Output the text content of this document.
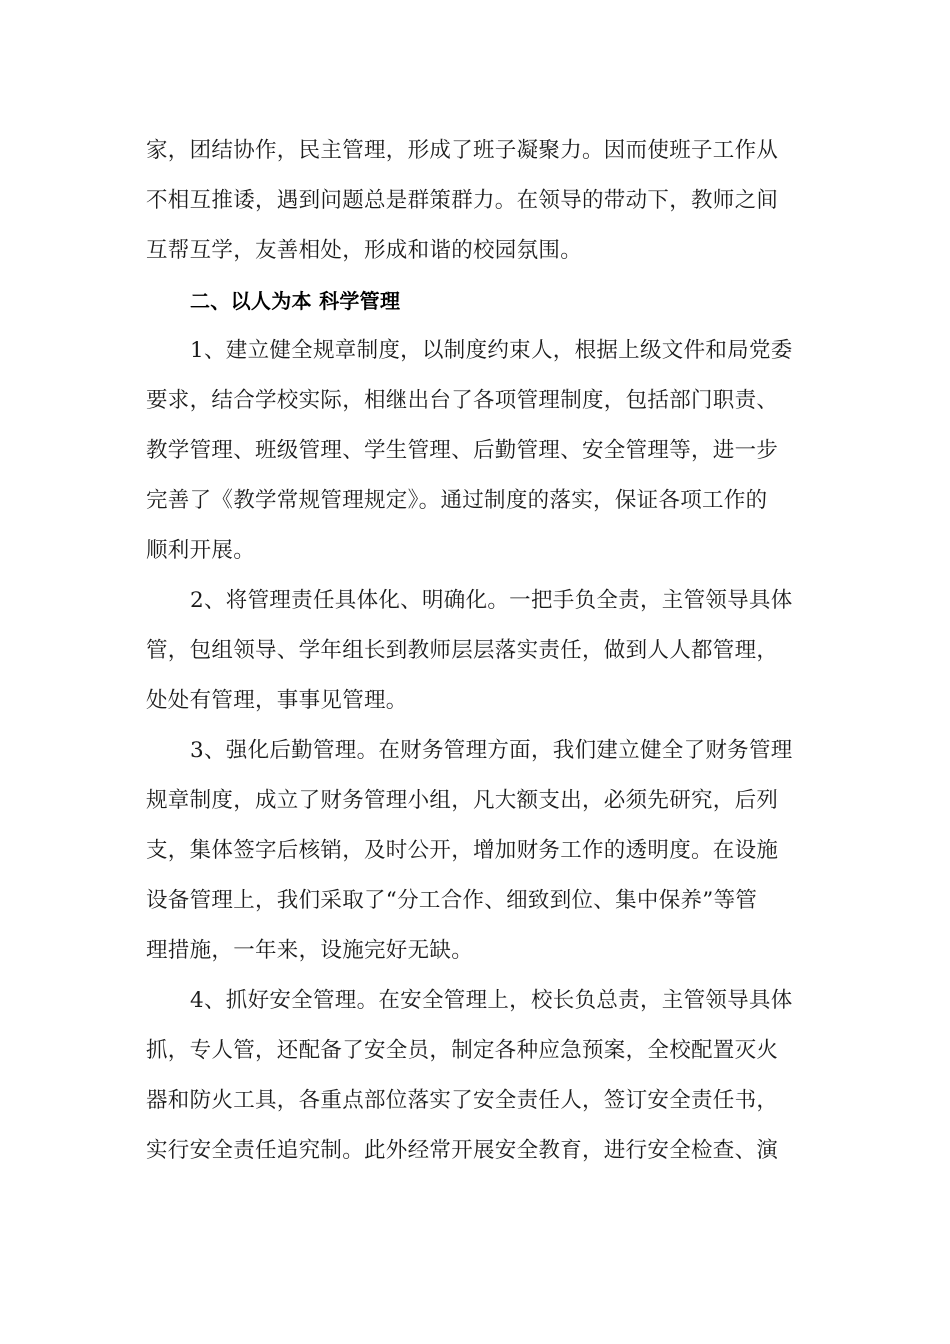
家，团结协作，民主管理，形成了班子凝聚力。因而使班子工作从
不相互推诿，遇到问题总是群策群力。在领导的带动下，教师之间
互帮互学，友善相处，形成和谐的校园氛围。
二、以人为本 科学管理
1、建立健全规章制度，以制度约束人，根据上级文件和局党委
要求，结合学校实际，相继出台了各项管理制度，包括部门职责、
教学管理、班级管理、学生管理、后勤管理、安全管理等，进一步
完善了《教学常规管理规定》。通过制度的落实，保证各项工作的
顺利开展。
2、将管理责任具体化、明确化。一把手负全责，主管领导具体
管，包组领导、学年组长到教师层层落实责任，做到人人都管理，
处处有管理，事事见管理。
3、强化后勤管理。在财务管理方面，我们建立健全了财务管理
规章制度，成立了财务管理小组，凡大额支出，必须先研究，后列
支，集体签字后核销，及时公开，增加财务工作的透明度。在设施
设备管理上，我们采取了“分工合作、细致到位、集中保养”等管
理措施，一年来，设施完好无缺。
4、抓好安全管理。在安全管理上，校长负总责，主管领导具体
抓，专人管，还配备了安全员，制定各种应急预案，全校配置灭火
器和防火工具，各重点部位落实了安全责任人，签订安全责任书，
实行安全责任追究制。此外经常开展安全教育，进行安全检查、演
